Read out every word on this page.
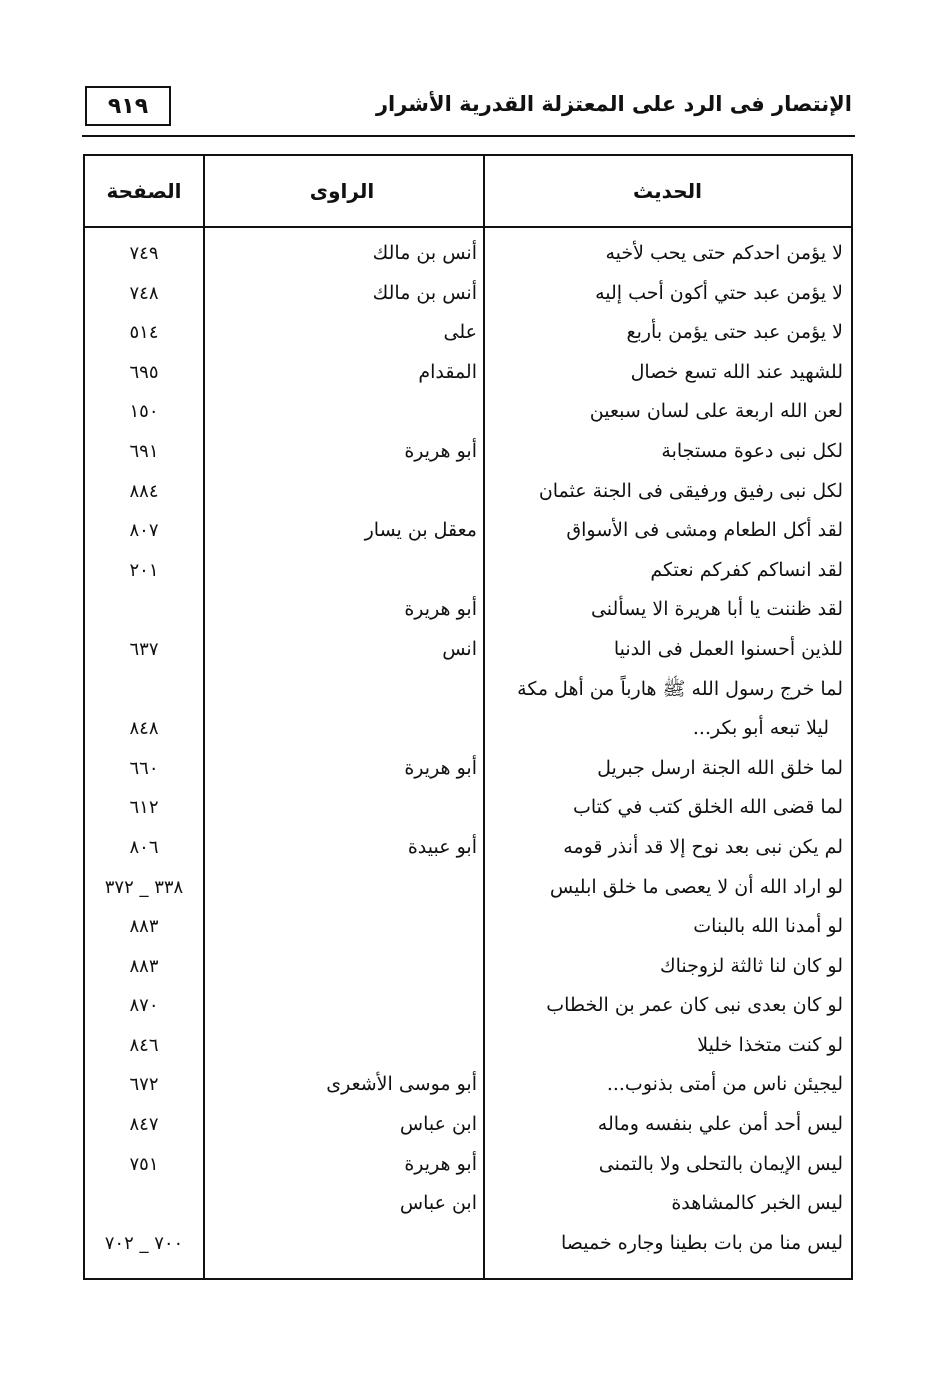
الإنتصار فى الرد على المعتزلة القدرية الأشرار
٩١٩
الحديث
الراوى
الصفحة
لا يؤمن احدكم حتى يحب لأخيه
أنس بن مالك
٧٤٩
لا يؤمن عبد حتي أكون أحب إليه
أنس بن مالك
٧٤٨
لا يؤمن عبد حتى يؤمن بأربع
على
٥١٤
للشهيد عند الله تسع خصال
المقدام
٦٩٥
لعن الله اربعة على لسان سبعين
١٥٠
لكل نبى دعوة مستجابة
أبو هريرة
٦٩١
لكل نبى رفيق ورفيقى فى الجنة عثمان
٨٨٤
لقد أكل الطعام ومشى فى الأسواق
معقل بن يسار
٨٠٧
لقد انساكم كفركم نعتكم
٢٠١
لقد ظننت يا أبا هريرة الا يسألنى
أبو هريرة
للذين أحسنوا العمل فى الدنيا
انس
٦٣٧
لما خرج رسول الله ﷺ هارباً من أهل مكة
ليلا تبعه أبو بكر...
٨٤٨
لما خلق الله الجنة ارسل جبريل
أبو هريرة
٦٦٠
لما قضى الله الخلق كتب في كتاب
٦١٢
لم يكن نبى بعد نوح إلا قد أنذر قومه
أبو عبيدة
٨٠٦
لو اراد الله أن لا يعصى ما خلق ابليس
٣٣٨ _ ٣٧٢
لو أمدنا الله بالبنات
٨٨٣
لو كان لنا ثالثة لزوجناك
٨٨٣
لو كان بعدى نبى كان عمر بن الخطاب
٨٧٠
لو كنت متخذا خليلا
٨٤٦
ليجيئن ناس من أمتى بذنوب...
أبو موسى الأشعرى
٦٧٢
ليس أحد أمن علي بنفسه وماله
ابن عباس
٨٤٧
ليس الإيمان بالتحلى ولا بالتمنى
أبو هريرة
٧٥١
ليس الخبر كالمشاهدة
ابن عباس
ليس منا من بات بطينا وجاره خميصا
٧٠٠ _ ٧٠٢
